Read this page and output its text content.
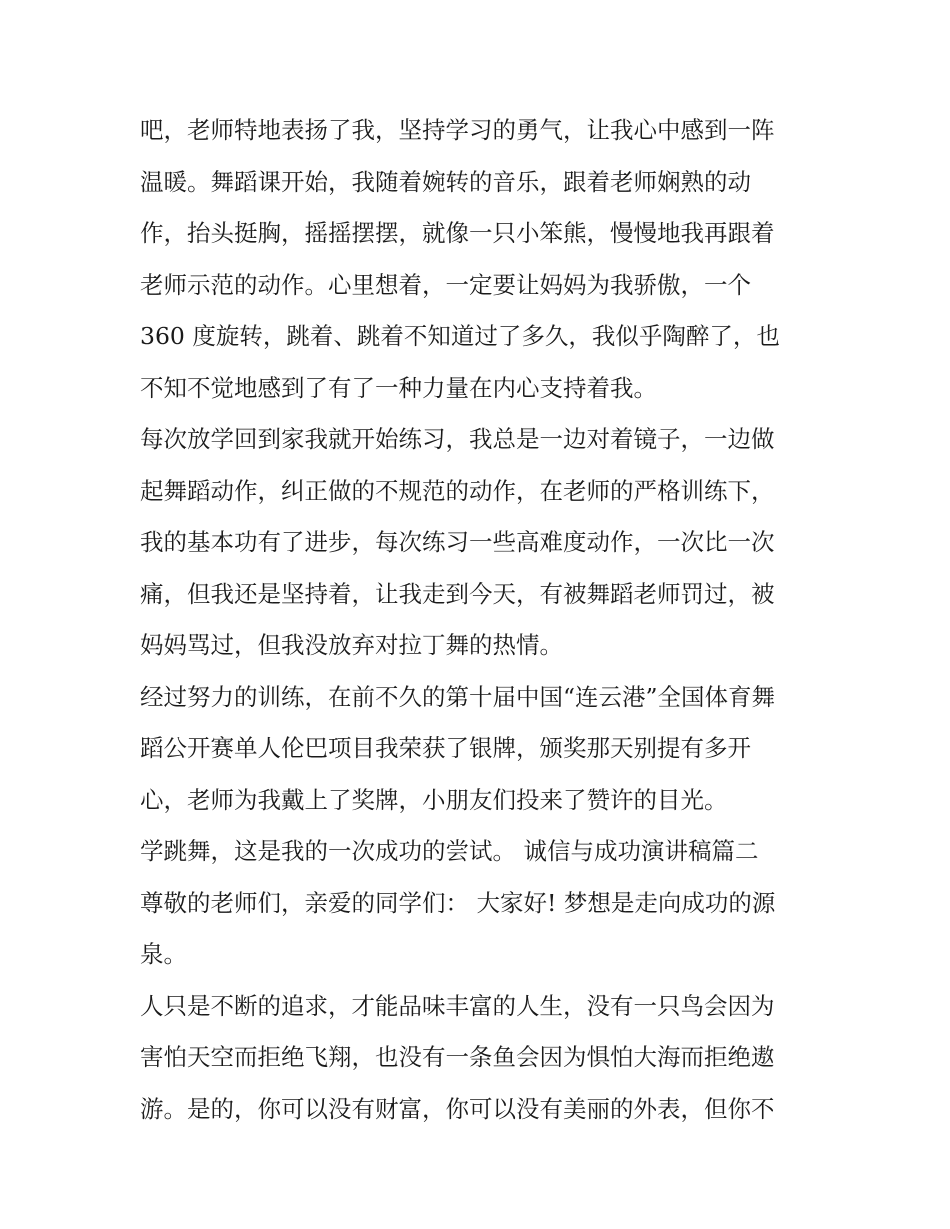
吧，老师特地表扬了我，坚持学习的勇气，让我心中感到一阵
温暖。舞蹈课开始，我随着婉转的音乐，跟着老师娴熟的动
作，抬头挺胸，摇摇摆摆，就像一只小笨熊，慢慢地我再跟着
老师示范的动作。心里想着，一定要让妈妈为我骄傲，一个
360 度旋转，跳着、跳着不知道过了多久，我似乎陶醉了，也
不知不觉地感到了有了一种力量在内心支持着我。
每次放学回到家我就开始练习，我总是一边对着镜子，一边做
起舞蹈动作，纠正做的不规范的动作，在老师的严格训练下，
我的基本功有了进步，每次练习一些高难度动作，一次比一次
痛，但我还是坚持着，让我走到今天，有被舞蹈老师罚过，被
妈妈骂过，但我没放弃对拉丁舞的热情。
经过努力的训练，在前不久的第十届中国“连云港”全国体育舞
蹈公开赛单人伦巴项目我荣获了银牌，颁奖那天别提有多开
心，老师为我戴上了奖牌，小朋友们投来了赞许的目光。
学跳舞，这是我的一次成功的尝试。 诚信与成功演讲稿篇二
尊敬的老师们，亲爱的同学们： 大家好! 梦想是走向成功的源
泉。
人只是不断的追求，才能品味丰富的人生，没有一只鸟会因为
害怕天空而拒绝飞翔，也没有一条鱼会因为惧怕大海而拒绝遨
游。是的，你可以没有财富，你可以没有美丽的外表，但你不
